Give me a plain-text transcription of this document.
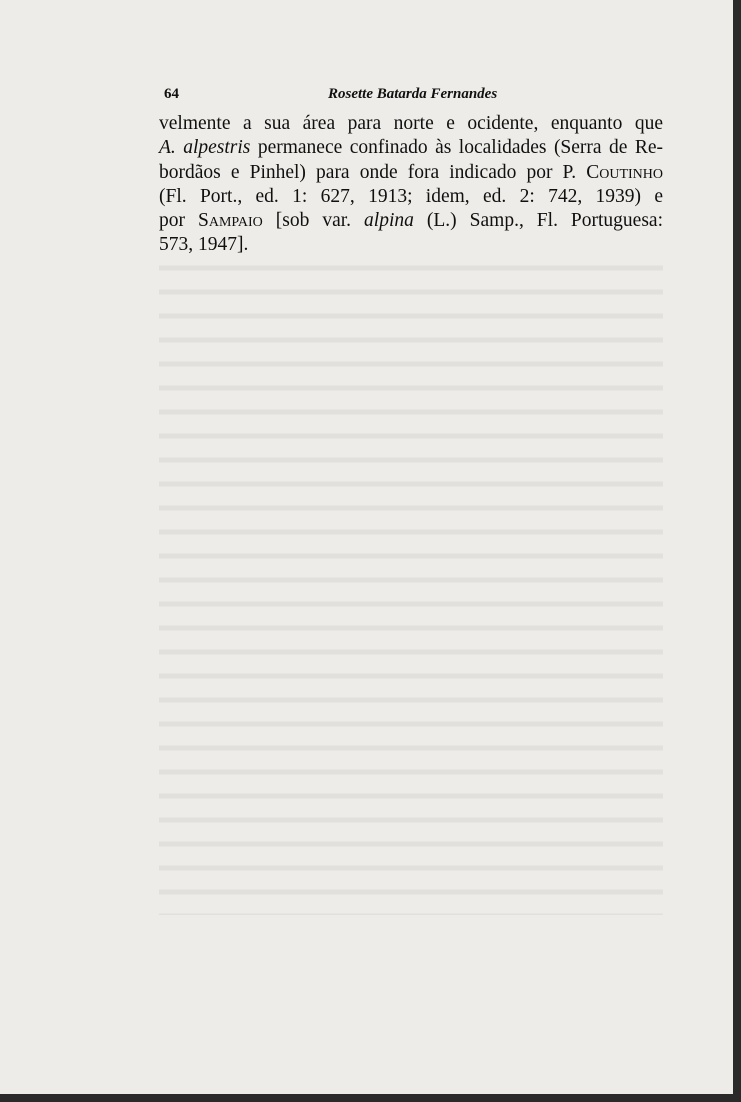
64	Rosette Batarda Fernandes

velmente a sua área para norte e ocidente, enquanto que
A. alpestris permanece confinado às localidades (Serra de Re-
bordãos e Pinhel) para onde fora indicado por P. Coutinho
(Fl. Port., ed. 1: 627, 1913; idem, ed. 2: 742, 1939) e
por Sampaio [sob var. alpina (L.) Samp., Fl. Portuguesa:
573, 1947].
